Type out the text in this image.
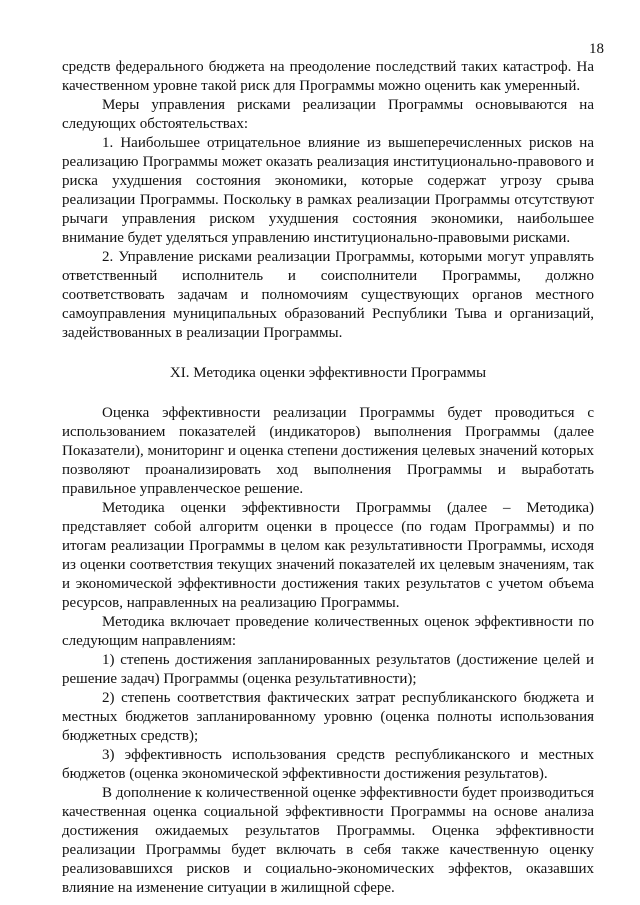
18

средств федерального бюджета на преодоление последствий таких катастроф. На качественном уровне такой риск для Программы можно оценить как умеренный.

Меры управления рисками реализации Программы основываются на следующих обстоятельствах:

1. Наибольшее отрицательное влияние из вышеперечисленных рисков на реализацию Программы может оказать реализация институционально-правового и риска ухудшения состояния экономики, которые содержат угрозу срыва реализации Программы. Поскольку в рамках реализации Программы отсутствуют рычаги управления риском ухудшения состояния экономики, наибольшее внимание будет уделяться управлению институционально-правовыми рисками.

2. Управление рисками реализации Программы, которыми могут управлять ответственный исполнитель и соисполнители Программы, должно соответствовать задачам и полномочиям существующих органов местного самоуправления муниципальных образований Республики Тыва и организаций, задействованных в реализации Программы.

XI. Методика оценки эффективности Программы

Оценка эффективности реализации Программы будет проводиться с использованием показателей (индикаторов) выполнения Программы (далее Показатели), мониторинг и оценка степени достижения целевых значений которых позволяют проанализировать ход выполнения Программы и выработать правильное управленческое решение.

Методика оценки эффективности Программы (далее – Методика) представляет собой алгоритм оценки в процессе (по годам Программы) и по итогам реализации Программы в целом как результативности Программы, исходя из оценки соответствия текущих значений показателей их целевым значениям, так и экономической эффективности достижения таких результатов с учетом объема ресурсов, направленных на реализацию Программы.

Методика включает проведение количественных оценок эффективности по следующим направлениям:

1) степень достижения запланированных результатов (достижение целей и решение задач) Программы (оценка результативности);

2) степень соответствия фактических затрат республиканского бюджета и местных бюджетов запланированному уровню (оценка полноты использования бюджетных средств);

3) эффективность использования средств республиканского и местных бюджетов (оценка экономической эффективности достижения результатов).

В дополнение к количественной оценке эффективности будет производиться качественная оценка социальной эффективности Программы на основе анализа достижения ожидаемых результатов Программы. Оценка эффективности реализации Программы будет включать в себя также качественную оценку реализовавшихся рисков и социально-экономических эффектов, оказавших влияние на изменение ситуации в жилищной сфере.
